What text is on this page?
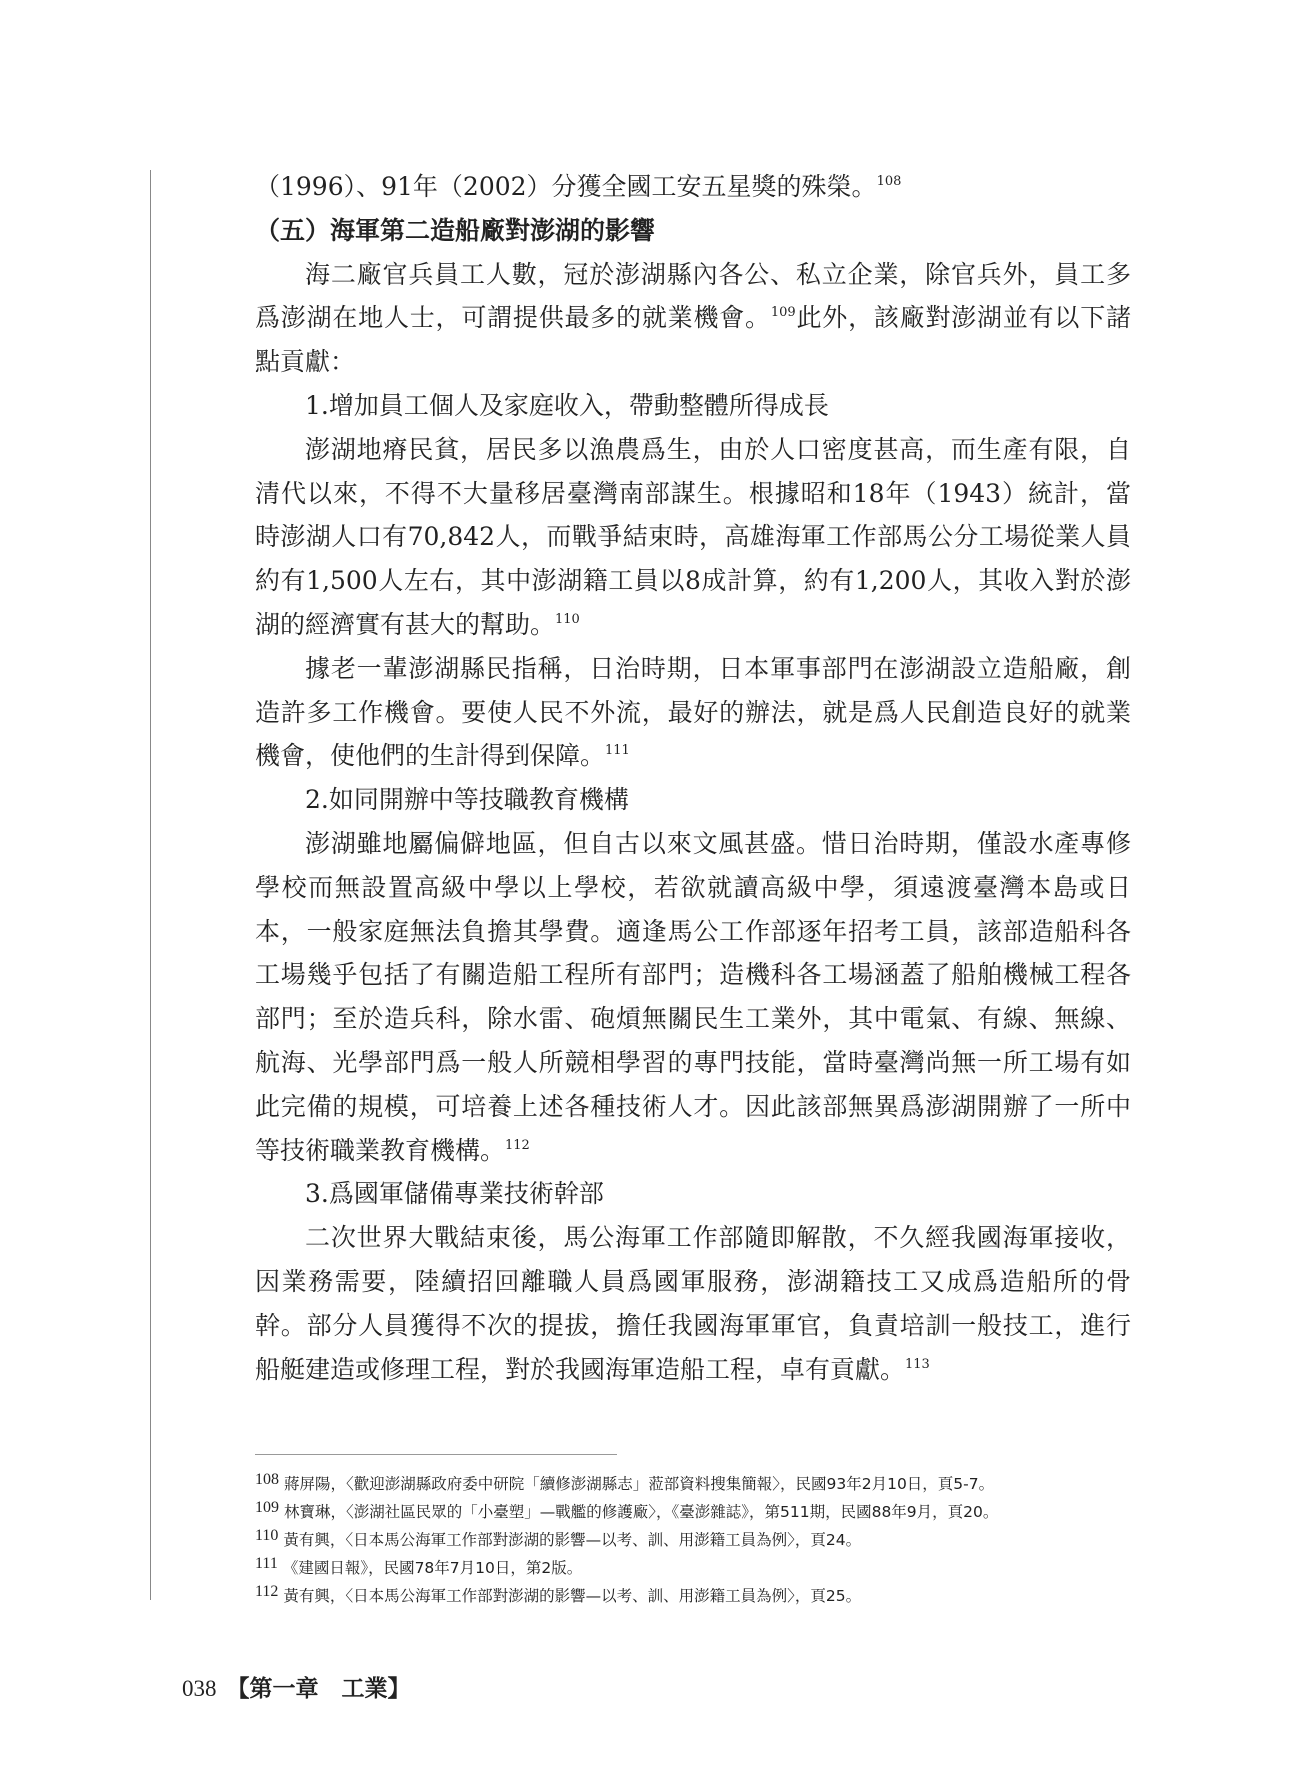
（1996）、91年（2002）分獲全國工安五星獎的殊榮。$^{108}$
（五）海軍第二造船廠對澎湖的影響
海二廠官兵員工人數，冠於澎湖縣內各公、私立企業，除官兵外，員工多
爲澎湖在地人士，可謂提供最多的就業機會。$^{109}$此外，該廠對澎湖並有以下諸
點貢獻：
1.增加員工個人及家庭收入，帶動整體所得成長
澎湖地瘠民貧，居民多以漁農爲生，由於人口密度甚高，而生產有限，自
清代以來，不得不大量移居臺灣南部謀生。根據昭和18年（1943）統計，當
時澎湖人口有70,842人，而戰爭結束時，高雄海軍工作部馬公分工場從業人員
約有1,500人左右，其中澎湖籍工員以8成計算，約有1,200人，其收入對於澎
湖的經濟實有甚大的幫助。$^{110}$
據老一輩澎湖縣民指稱，日治時期，日本軍事部門在澎湖設立造船廠，創
造許多工作機會。要使人民不外流，最好的辦法，就是爲人民創造良好的就業
機會，使他們的生計得到保障。$^{111}$
2.如同開辦中等技職教育機構
澎湖雖地屬偏僻地區，但自古以來文風甚盛。惜日治時期，僅設水產專修
學校而無設置高級中學以上學校，若欲就讀高級中學，須遠渡臺灣本島或日
本，一般家庭無法負擔其學費。適逢馬公工作部逐年招考工員，該部造船科各
工場幾乎包括了有關造船工程所有部門；造機科各工場涵蓋了船舶機械工程各
部門；至於造兵科，除水雷、砲熕無關民生工業外，其中電氣、有線、無線、
航海、光學部門爲一般人所競相學習的專門技能，當時臺灣尚無一所工場有如
此完備的規模，可培養上述各種技術人才。因此該部無異爲澎湖開辦了一所中
等技術職業教育機構。$^{112}$
3.爲國軍儲備專業技術幹部
二次世界大戰結束後，馬公海軍工作部隨即解散，不久經我國海軍接收，
因業務需要，陸續招回離職人員爲國軍服務，澎湖籍技工又成爲造船所的骨
幹。部分人員獲得不次的提拔，擔任我國海軍軍官，負責培訓一般技工，進行
船艇建造或修理工程，對於我國海軍造船工程，卓有貢獻。$^{113}$
108 蔣屏陽，〈歡迎澎湖縣政府委中研院「續修澎湖縣志」蒞部資料搜集簡報〉，民國93年2月10日，頁5-7。
109 林寶琳，〈澎湖社區民眾的「小臺塑」—戰艦的修護廠〉，《臺澎雜誌》，第511期，民國88年9月，頁20。
110 黃有興，〈日本馬公海軍工作部對澎湖的影響—以考、訓、用澎籍工員為例〉，頁24。
111 《建國日報》，民國78年7月10日，第2版。
112 黃有興，〈日本馬公海軍工作部對澎湖的影響—以考、訓、用澎籍工員為例〉，頁25。
038 【第一章　工業】
